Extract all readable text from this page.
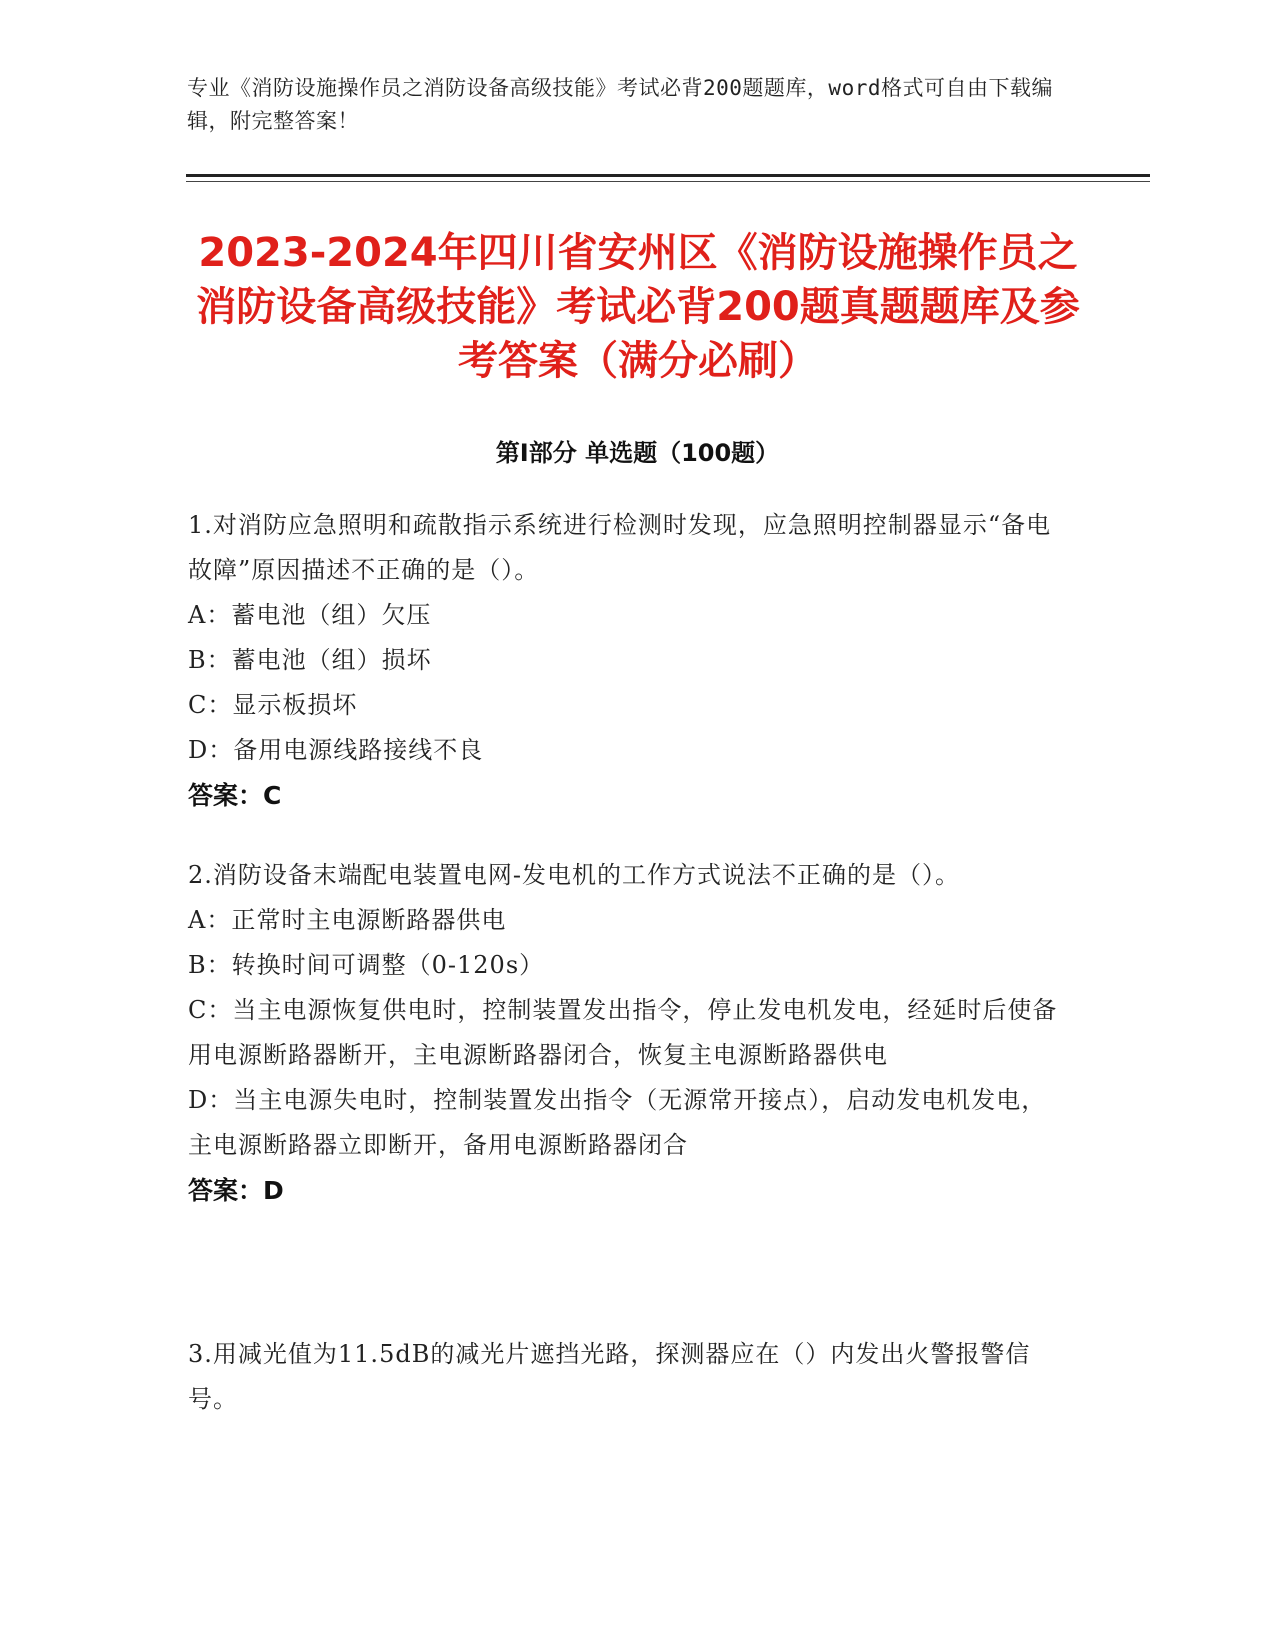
专业《消防设施操作员之消防设备高级技能》考试必背200题题库，word格式可自由下载编辑，附完整答案！
2023-2024年四川省安州区《消防设施操作员之消防设备高级技能》考试必背200题真题题库及参考答案（满分必刷）
第Ⅰ部分 单选题（100题）

1.对消防应急照明和疏散指示系统进行检测时发现，应急照明控制器显示“备电故障”原因描述不正确的是（）。

A：蓄电池（组）欠压

B：蓄电池（组）损坏

C：显示板损坏

D：备用电源线路接线不良

答案：C

2.消防设备末端配电装置电网-发电机的工作方式说法不正确的是（）。

A：正常时主电源断路器供电

B：转换时间可调整（0-120s）

C：当主电源恢复供电时，控制装置发出指令，停止发电机发电，经延时后使备用电源断路器断开，主电源断路器闭合，恢复主电源断路器供电

D：当主电源失电时，控制装置发出指令（无源常开接点），启动发电机发电，主电源断路器立即断开，备用电源断路器闭合

答案：D

3.用减光值为11.5dB的减光片遮挡光路，探测器应在（）内发出火警报警信号。
